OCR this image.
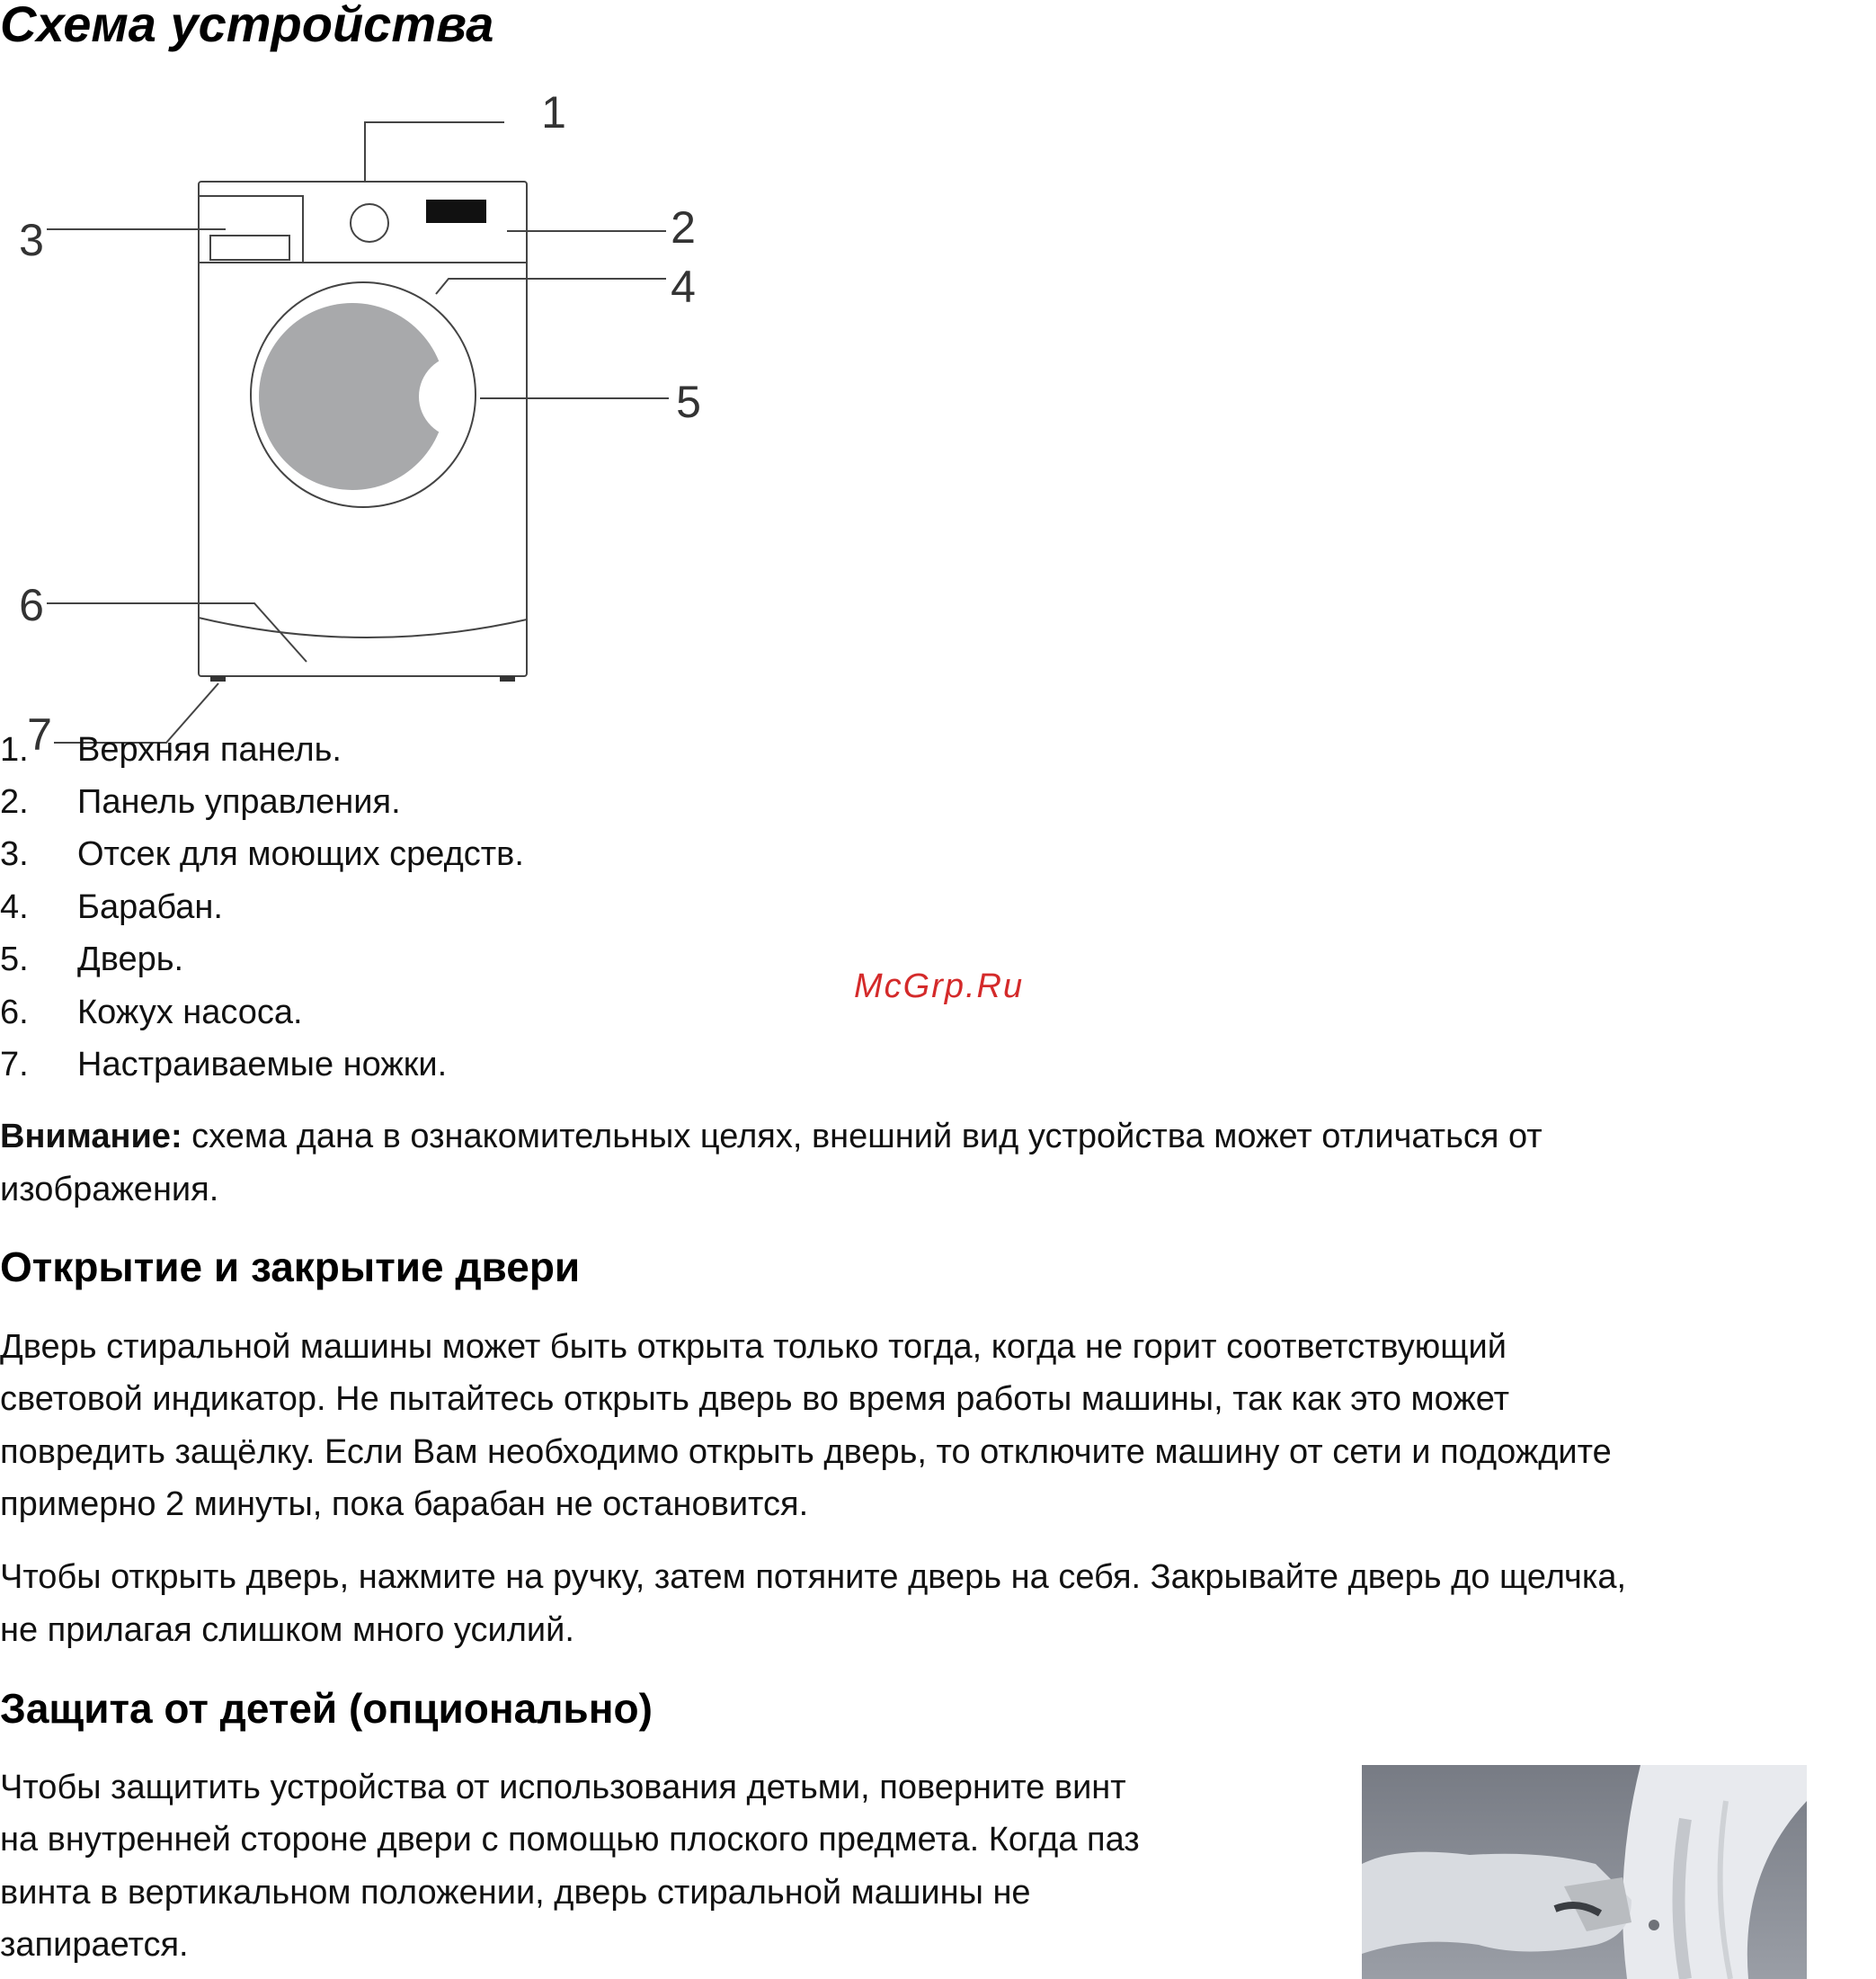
Схема устройства
1
2
3
4
5
6
7
1. Верхняя панель.
2. Панель управления.
3. Отсек для моющих средств.
4. Барабан.
5. Дверь.
6. Кожух насоса.
7. Настраиваемые ножки.
McGrp.Ru
Внимание: схема дана в ознакомительных целях, внешний вид устройства может отличаться от
изображения.
Открытие и закрытие двери
Дверь стиральной машины может быть открыта только тогда, когда не горит соответствующий
световой индикатор. Не пытайтесь открыть дверь во время работы машины, так как это может
повредить защёлку. Если Вам необходимо открыть дверь, то отключите машину от сети и подождите
примерно 2 минуты, пока барабан не остановится.
Чтобы открыть дверь, нажмите на ручку, затем потяните дверь на себя. Закрывайте дверь до щелчка,
не прилагая слишком много усилий.
Защита от детей (опционально)
Чтобы защитить устройства от использования детьми, поверните винт
на внутренней стороне двери с помощью плоского предмета. Когда паз
винта в вертикальном положении, дверь стиральной машины не
запирается.
